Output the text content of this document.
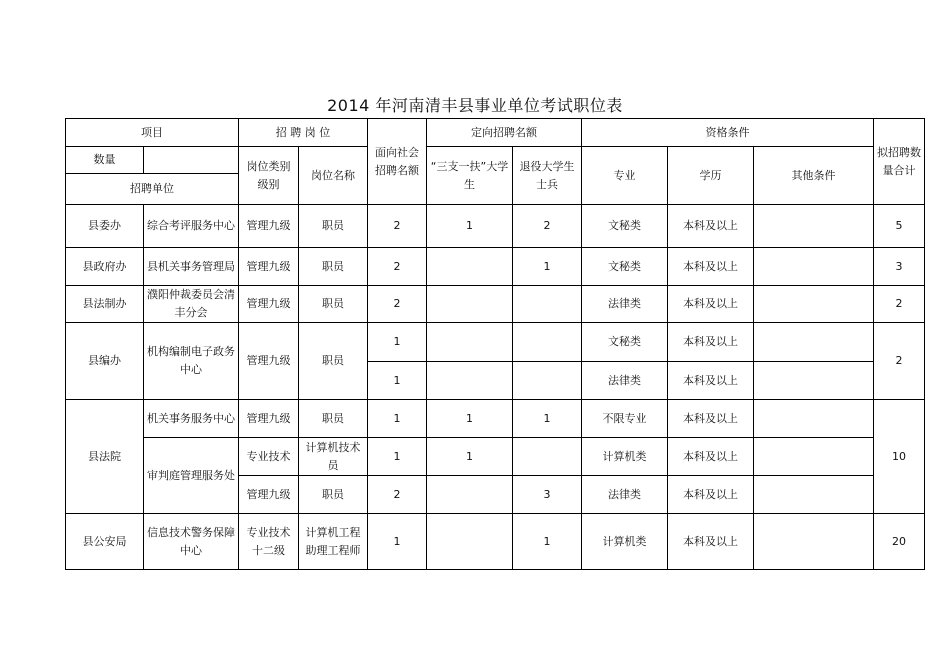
2014 年河南清丰县事业单位考试职位表
项目		招 聘 岗 位		面向社会招聘名额	定向招聘名额		资格条件			拟招聘数量合计
数量		岗位类别级别	岗位名称		“三支一扶”大学生	退役大学生士兵	专业	学历	其他条件	
招聘单位										
县委办	综合考评服务中心	管理九级	职员	2	1	2	文秘类	本科及以上		5
县政府办	县机关事务管理局	管理九级	职员	2		1	文秘类	本科及以上		3
县法制办	濮阳仲裁委员会清丰分会	管理九级	职员	2			法律类	本科及以上		2
县编办	机构编制电子政务中心	管理九级	职员	1			文秘类	本科及以上		2
				1			法律类	本科及以上		
县法院	机关事务服务中心	管理九级	职员	1	1	1	不限专业	本科及以上		10
	审判庭管理服务处	专业技术	计算机技术员	1	1		计算机类	本科及以上		
		管理九级	职员	2		3	法律类	本科及以上		
县公安局	信息技术警务保障中心	专业技术十二级	计算机工程助理工程师	1		1	计算机类	本科及以上		20
